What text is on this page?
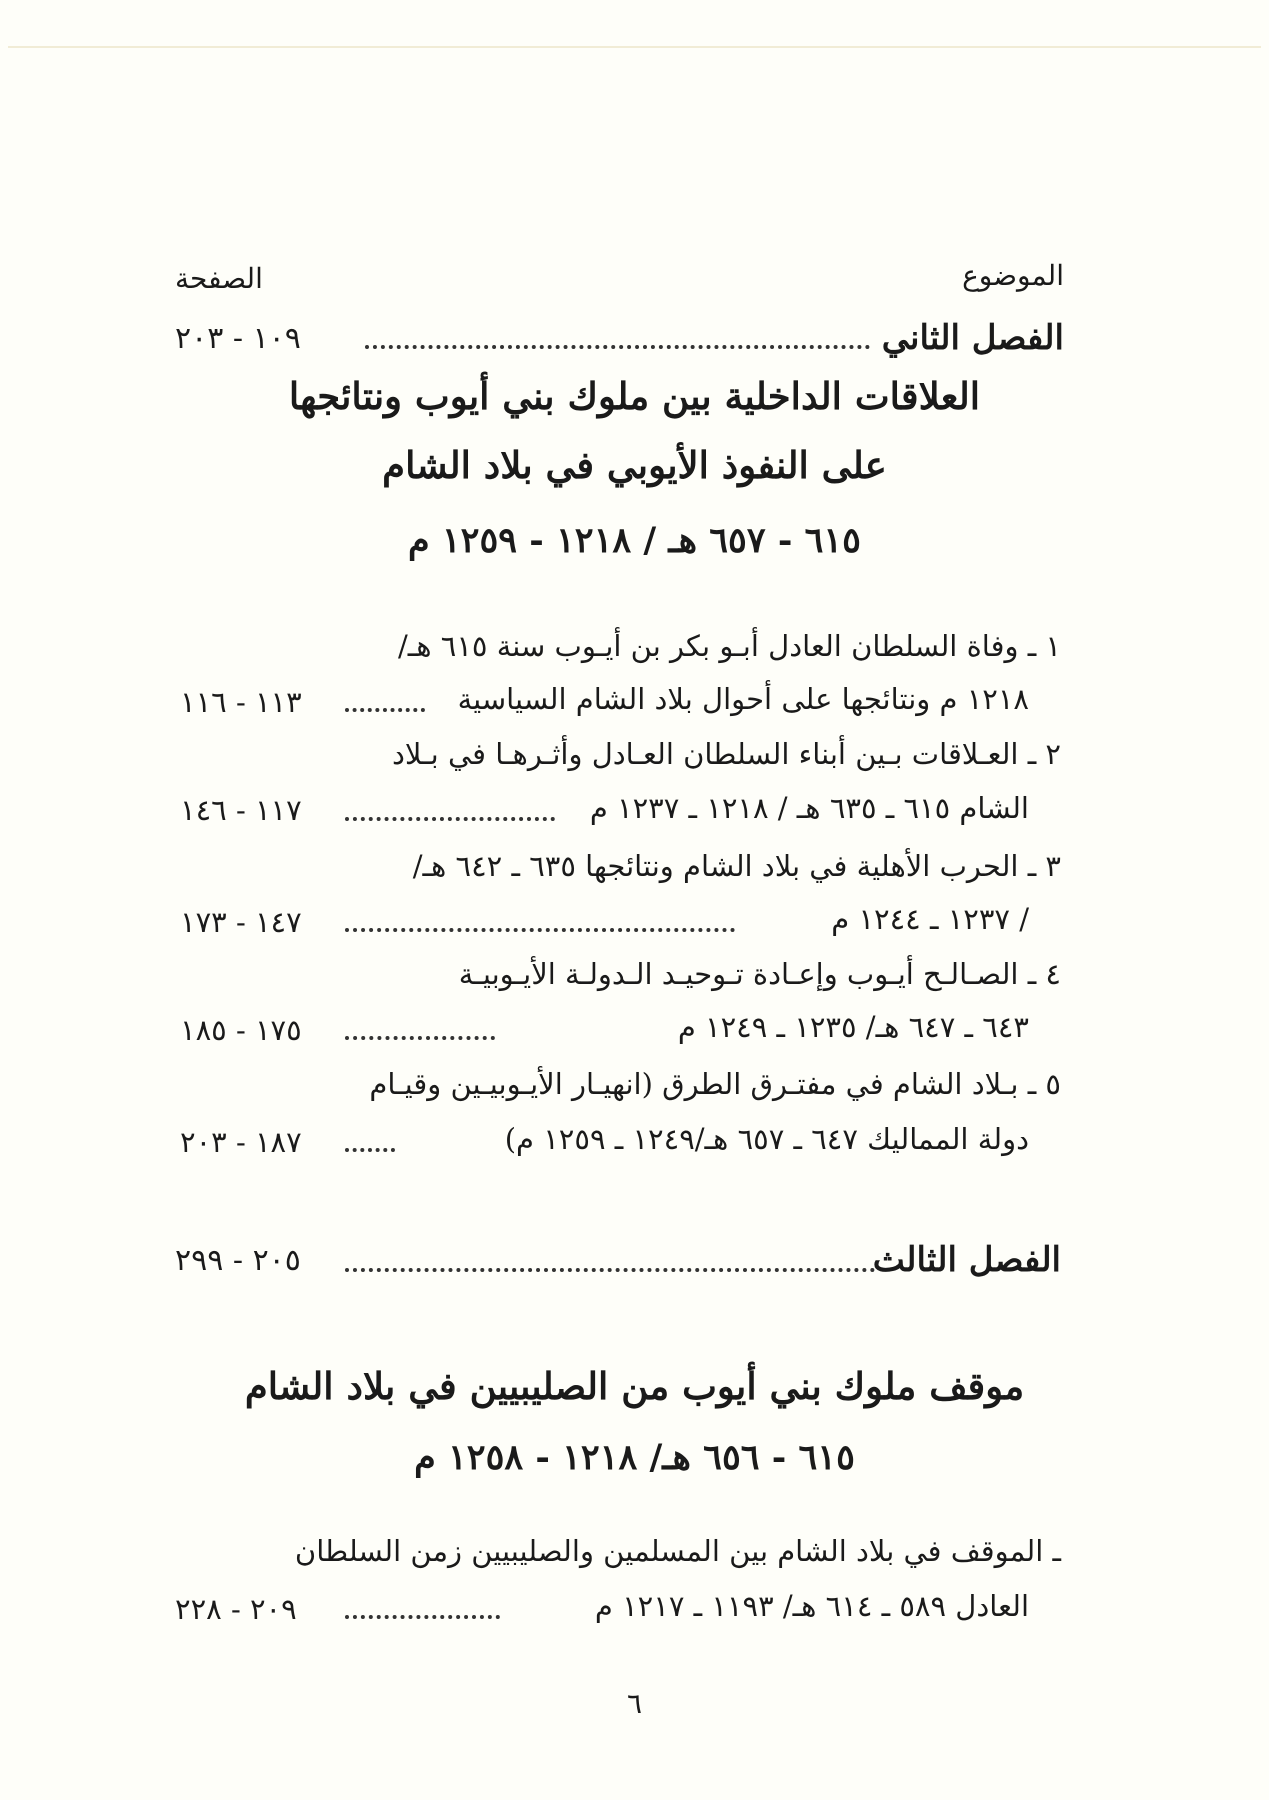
الموضوع
الصفحة
الفصل الثاني
١٠٩ - ٢٠٣
العلاقات الداخلية بين ملوك بني أيوب ونتائجها
على النفوذ الأيوبي في بلاد الشام
٦١٥ - ٦٥٧ هـ / ١٢١٨ - ١٢٥٩ م
١ ـ وفاة السلطان العادل أبـو بكر بن أيـوب سنة ٦١٥ هـ/
١٢١٨ م ونتائجها على أحوال بلاد الشام السياسية
١١٣ - ١١٦
٢ ـ العـلاقات بـين أبناء السلطان العـادل وأثـرهـا في بـلاد
الشام ٦١٥ ـ ٦٣٥ هـ / ١٢١٨ ـ ١٢٣٧ م
١١٧ - ١٤٦
٣ ـ الحرب الأهلية في بلاد الشام ونتائجها ٦٣٥ ـ ٦٤٢ هـ/
/ ١٢٣٧ ـ ١٢٤٤ م
١٤٧ - ١٧٣
٤ ـ الصـالـح أيـوب وإعـادة تـوحيـد الـدولـة الأيـوبيـة
٦٤٣ ـ ٦٤٧ هـ/ ١٢٣٥ ـ ١٢٤٩ م
١٧٥ - ١٨٥
٥ ـ بـلاد الشام في مفتـرق الطرق (انهيـار الأيـوبيـين وقيـام
دولة المماليك ٦٤٧ ـ ٦٥٧ هـ/١٢٤٩ ـ ١٢٥٩ م)
١٨٧ - ٢٠٣
الفصل الثالث
٢٠٥ - ٢٩٩
موقف ملوك بني أيوب من الصليبيين في بلاد الشام
٦١٥ - ٦٥٦ هـ/ ١٢١٨ - ١٢٥٨ م
ـ الموقف في بلاد الشام بين المسلمين والصليبيين زمن السلطان
العادل ٥٨٩ ـ ٦١٤ هـ/ ١١٩٣ ـ ١٢١٧ م
٢٠٩ - ٢٢٨
٦
